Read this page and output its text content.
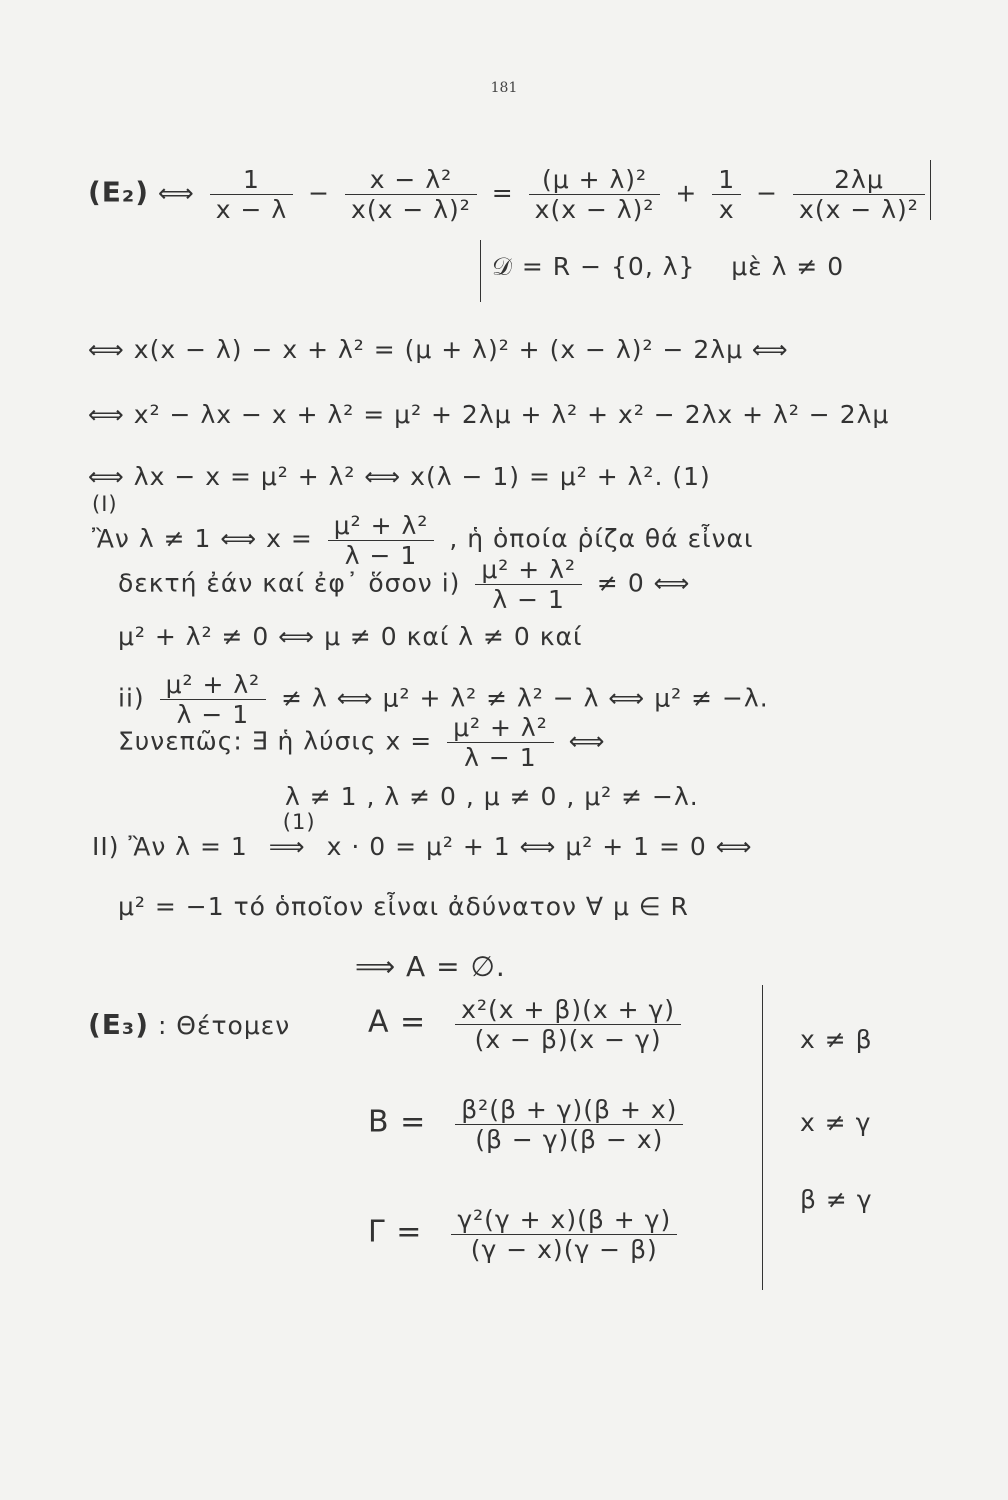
181
(E₂) ⟺ $\frac{1}{x - \lambda} - \frac{\text{x − λ²}}{\text{x(x − λ)²}} = \frac{\text{(μ + λ)²}}{\text{x(x − λ)²}} + \frac{1}{x} - \frac{2\lambda\mu}{\text{x(x − λ)²}}$
𝒟 = R − {0, λ} μὲ λ ≠ 0
⟺ x(x − λ) − x + λ² = (μ + λ)² + (x − λ)² − 2λμ ⟺
⟺ x² − λx − x + λ² = μ² + 2λμ + λ² + x² − 2λx + λ² − 2λμ
⟺ λx − x = μ² + λ² ⟺ x(λ − 1) = μ² + λ². (1)
(I)
Ἂν λ ≠ 1 ⟺ $x = \frac{\text{μ² + λ²}}{\lambda - 1}$ , ἡ ὁποία ῥίζα θά εἶναι
δεκτή ἐάν καί ἐφ᾽ ὅσον $i) \frac{\text{μ² + λ²}}{\lambda - 1} \ne 0$ ⟺
μ² + λ² ≠ 0 ⟺ μ ≠ 0 καί λ ≠ 0 καί
$ii) \frac{\text{μ² + λ²}}{\lambda - 1} \ne \lambda$ ⟺ μ² + λ² ≠ λ² − λ ⟺ μ² ≠ −λ.
Συνεπῶς: ∃ ἡ λύσις $x = \frac{\text{μ² + λ²}}{\lambda - 1}$ ⟺
λ ≠ 1 , λ ≠ 0 , μ ≠ 0 , μ² ≠ −λ.
II) Ἂν λ = 1
(1)
⟹ x · 0 = μ² + 1 ⟺ μ² + 1 = 0 ⟺
μ² = −1 τό ὁποῖον εἶναι ἀδύνατον ∀ μ ∈ R
⟹ A = ∅.
(E₃) : Θέτομεν	$A = \frac{\text{x²(x + β)(x + γ)}}{(x - \beta)(x - \gamma)}$
$B = \frac{\text{β²(β + γ)(β + x)}}{(\beta - \gamma)(\beta - x)}$
$\Gamma = \frac{\text{γ²(γ + x)(β + γ)}}{(\gamma - x)(\gamma - \beta)}$
x ≠ β
x ≠ γ
β ≠ γ
